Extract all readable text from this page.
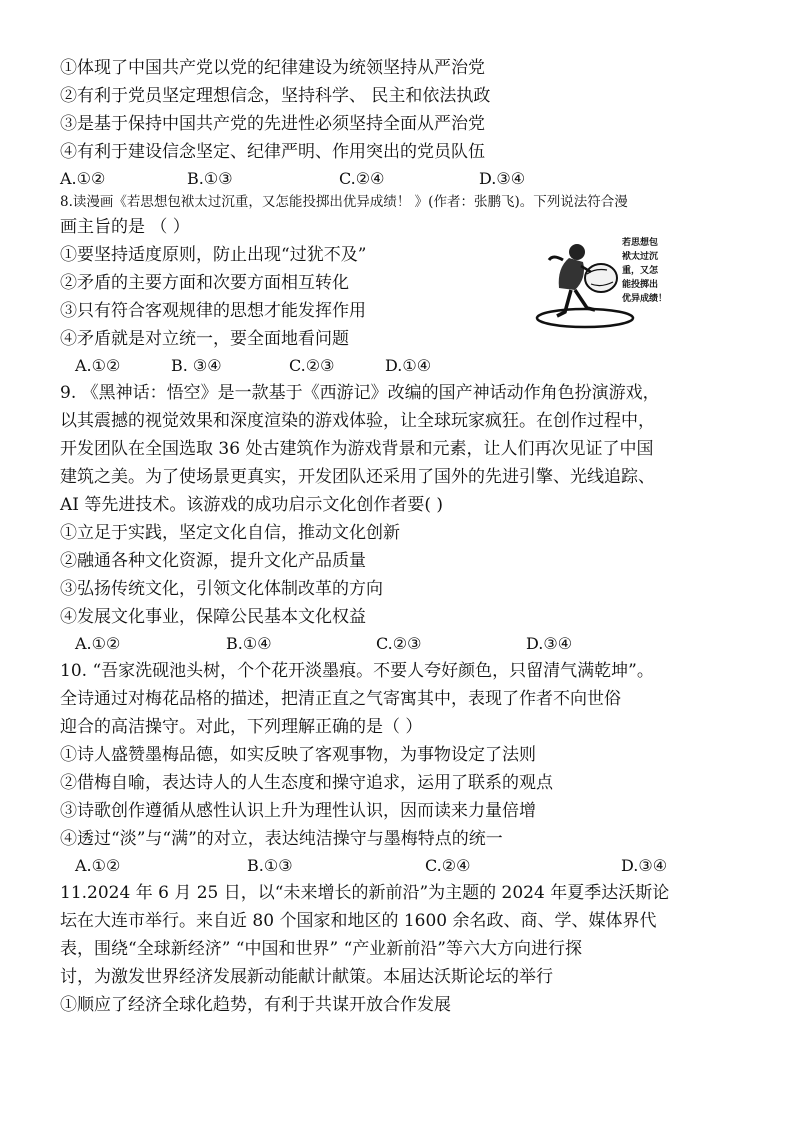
①体现了中国共产党以党的纪律建设为统领坚持从严治党
②有利于党员坚定理想信念，坚持科学、 民主和依法执政
③是基于保持中国共产党的先进性必须坚持全面从严治党
④有利于建设信念坚定、纪律严明、作用突出的党员队伍
A.①②	B.①③	C.②④	D.③④
8.读漫画《若思想包袱太过沉重，又怎能投掷出优异成绩！ 》(作者：张鹏飞)。下列说法符合漫
画主旨的是 （ ）
①要坚持适度原则，防止出现“过犹不及”
②矛盾的主要方面和次要方面相互转化
③只有符合客观规律的思想才能发挥作用
④矛盾就是对立统一，要全面地看问题
A.①②	B. ③④	C.②③	D.①④
若思想包
袱太过沉
重，又怎
能投掷出
优异成绩！
9. 《黑神话：悟空》是一款基于《西游记》改编的国产神话动作角色扮演游戏，
以其震撼的视觉效果和深度渲染的游戏体验，让全球玩家疯狂。在创作过程中，
开发团队在全国选取 36 处古建筑作为游戏背景和元素，让人们再次见证了中国
建筑之美。为了使场景更真实，开发团队还采用了国外的先进引擎、光线追踪、
AI 等先进技术。该游戏的成功启示文化创作者要( )
①立足于实践，坚定文化自信，推动文化创新
②融通各种文化资源，提升文化产品质量
③弘扬传统文化，引领文化体制改革的方向
④发展文化事业，保障公民基本文化权益
A.①②	B.①④	C.②③	D.③④
10. “吾家洗砚池头树，个个花开淡墨痕。不要人夸好颜色，只留清气满乾坤”。
全诗通过对梅花品格的描述，把清正直之气寄寓其中，表现了作者不向世俗
迎合的高洁操守。对此，下列理解正确的是（ ）
①诗人盛赞墨梅品德，如实反映了客观事物，为事物设定了法则
②借梅自喻，表达诗人的人生态度和操守追求，运用了联系的观点
③诗歌创作遵循从感性认识上升为理性认识，因而读来力量倍增
④透过“淡”与“满”的对立，表达纯洁操守与墨梅特点的统一
A.①②	B.①③	C.②④	D.③④
11.2024 年 6 月 25 日，以“未来增长的新前沿”为主题的 2024 年夏季达沃斯论
坛在大连市举行。来自近 80 个国家和地区的 1600 余名政、商、学、媒体界代
表，围绕“全球新经济” “中国和世界” “产业新前沿”等六大方向进行探
讨，为激发世界经济发展新动能献计献策。本届达沃斯论坛的举行
①顺应了经济全球化趋势，有利于共谋开放合作发展
